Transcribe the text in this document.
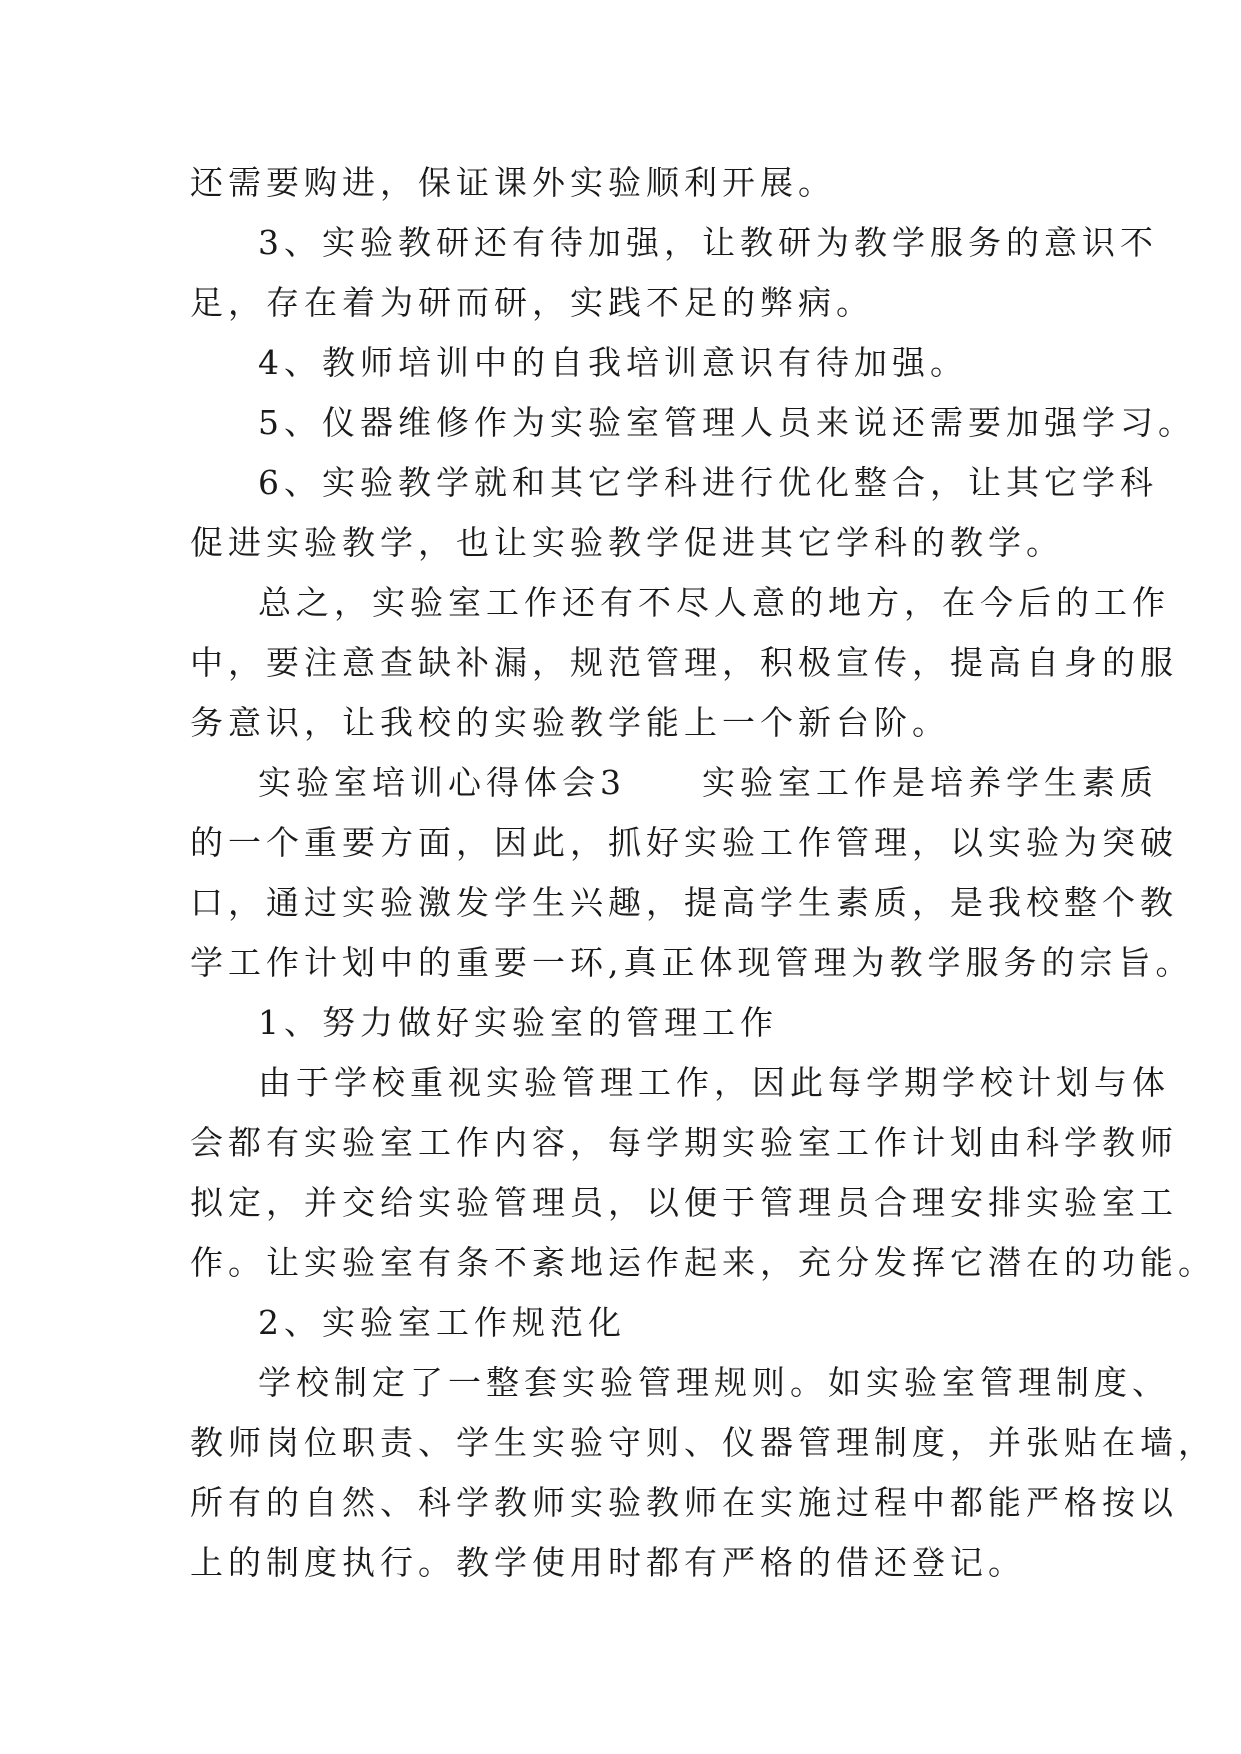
还需要购进，保证课外实验顺利开展。
3、实验教研还有待加强，让教研为教学服务的意识不
足，存在着为研而研，实践不足的弊病。
4、教师培训中的自我培训意识有待加强。
5、仪器维修作为实验室管理人员来说还需要加强学习。
6、实验教学就和其它学科进行优化整合，让其它学科
促进实验教学，也让实验教学促进其它学科的教学。
总之，实验室工作还有不尽人意的地方，在今后的工作
中，要注意查缺补漏，规范管理，积极宣传，提高自身的服
务意识，让我校的实验教学能上一个新台阶。
实验室培训心得体会3　　实验室工作是培养学生素质
的一个重要方面，因此，抓好实验工作管理，以实验为突破
口，通过实验激发学生兴趣，提高学生素质，是我校整个教
学工作计划中的重要一环,真正体现管理为教学服务的宗旨。
1、努力做好实验室的管理工作
由于学校重视实验管理工作，因此每学期学校计划与体
会都有实验室工作内容，每学期实验室工作计划由科学教师
拟定，并交给实验管理员，以便于管理员合理安排实验室工
作。让实验室有条不紊地运作起来，充分发挥它潜在的功能。
2、实验室工作规范化
学校制定了一整套实验管理规则。如实验室管理制度、
教师岗位职责、学生实验守则、仪器管理制度，并张贴在墙，
所有的自然、科学教师实验教师在实施过程中都能严格按以
上的制度执行。教学使用时都有严格的借还登记。
